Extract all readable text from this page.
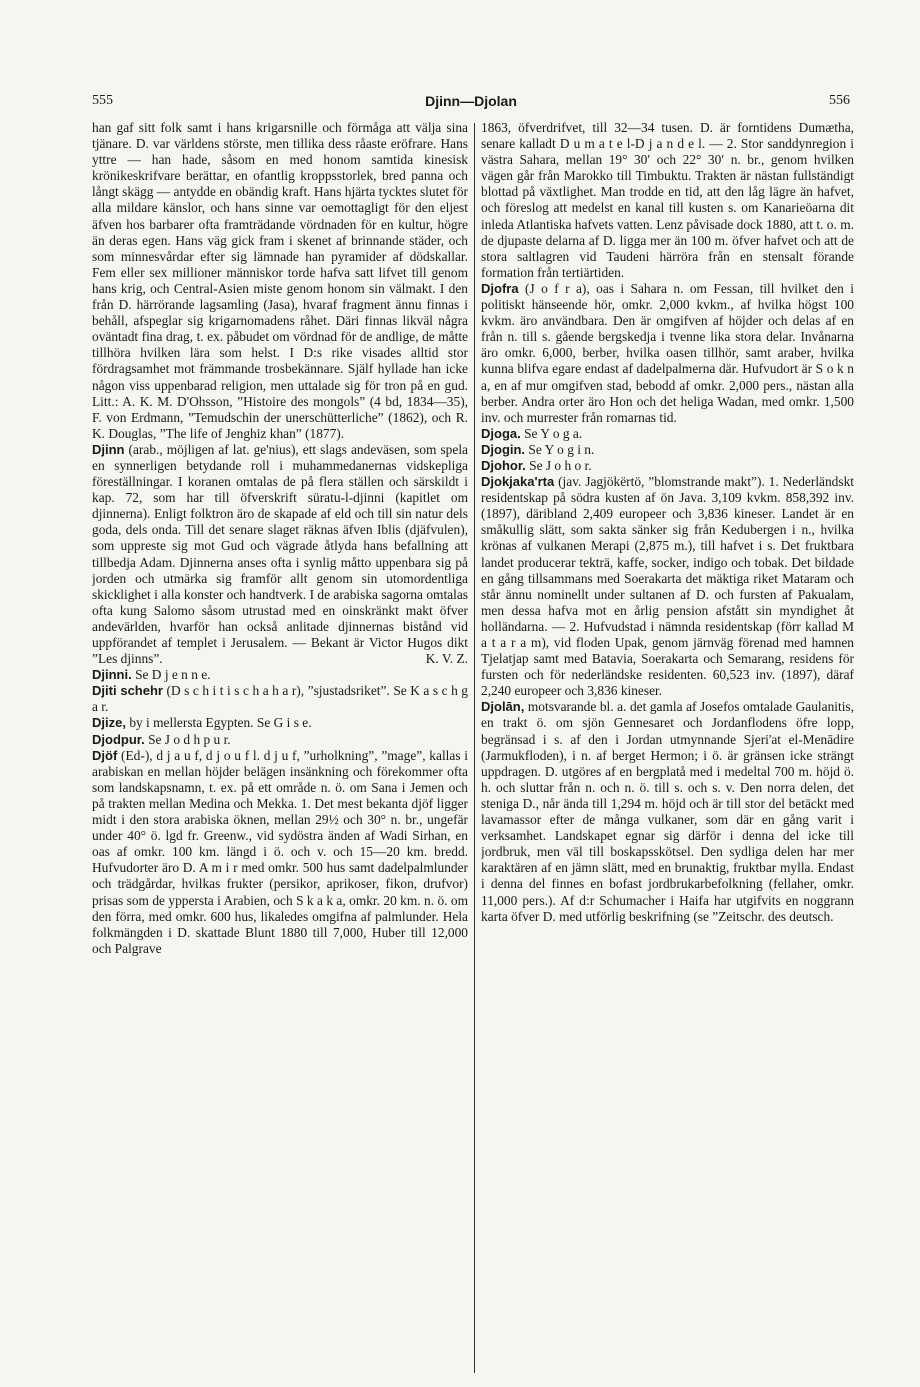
555	Djinn—Djolan	556

han gaf sitt folk samt i hans krigarsnille och förmåga att välja sina tjänare. D. var världens störste, men tillika dess råaste eröfrare. Hans yttre — han hade, såsom en med honom samtida kinesisk krönikeskrifvare berättar, en ofantlig kroppsstorlek, bred panna och långt skägg — antydde en obändig kraft. Hans hjärta tycktes slutet för alla mildare känslor, och hans sinne var oemottagligt för den eljest äfven hos barbarer ofta framträdande vördnaden för en kultur, högre än deras egen. Hans väg gick fram i skenet af brinnande städer, och som minnesvårdar efter sig lämnade han pyramider af dödskallar. Fem eller sex millioner människor torde hafva satt lifvet till genom hans krig, och Central-Asien miste genom honom sin välmakt. I den från D. härrörande lagsamling (Jasa), hvaraf fragment ännu finnas i behåll, afspeglar sig krigarnomadens råhet. Däri finnas likväl några oväntadt fina drag, t. ex. påbudet om vördnad för de andlige, de måtte tillhöra hvilken lära som helst. I D:s rike visades alltid stor fördragsamhet mot främmande trosbekännare. Själf hyllade han icke någon viss uppenbarad religion, men uttalade sig för tron på en gud. Litt.: A. K. M. D'Ohsson, ”Histoire des mongols” (4 bd, 1834—35), F. von Erdmann, ”Temudschin der unerschütterliche” (1862), och R. K. Douglas, ”The life of Jenghiz khan” (1877).

Djinn (arab., möjligen af lat. ge'nius), ett slags andeväsen, som spela en synnerligen betydande roll i muhammedanernas vidskepliga föreställningar. I koranen omtalas de på flera ställen och särskildt i kap. 72, som har till öfverskrift süratu-l-djinni (kapitlet om djinnerna). Enligt folktron äro de skapade af eld och till sin natur dels goda, dels onda. Till det senare slaget räknas äfven Iblis (djäfvulen), som uppreste sig mot Gud och vägrade åtlyda hans befallning att tillbedja Adam. Djinnerna anses ofta i synlig måtto uppenbara sig på jorden och utmärka sig framför allt genom sin utomordentliga skicklighet i alla konster och handtverk. I de arabiska sagorna omtalas ofta kung Salomo såsom utrustad med en oinskränkt makt öfver andevärlden, hvarför han också anlitade djinnernas bistånd vid uppförandet af templet i Jerusalem. — Bekant är Victor Hugos dikt ”Les djinns”.	K. V. Z.

Djinni. Se D j e n n e.

Djiti schehr (D s c h i t i s c h a h a r), ”sjustadsriket”. Se K a s c h g a r.

Djize, by i mellersta Egypten. Se G i s e.

Djodpur. Se J o d h p u r.

Djöf (Ed-), d j a u f, d j o u f l. d j u f, ”urholkning”, ”mage”, kallas i arabiskan en mellan höjder belägen insänkning och förekommer ofta som landskapsnamn, t. ex. på ett område n. ö. om Sana i Jemen och på trakten mellan Medina och Mekka. 1. Det mest bekanta djöf ligger midt i den stora arabiska öknen, mellan 29½ och 30° n. br., ungefär under 40° ö. lgd fr. Greenw., vid sydöstra änden af Wadi Sirhan, en oas af omkr. 100 km. längd i ö. och v. och 15—20 km. bredd. Hufvudorter äro D. A m i r med omkr. 500 hus samt dadelpalmlunder och trädgårdar, hvilkas frukter (persikor, aprikoser, fikon, drufvor) prisas som de yppersta i Arabien, och S k a k a, omkr. 20 km. n. ö. om den förra, med omkr. 600 hus, likaledes omgifna af palmlunder. Hela folkmängden i D. skattade Blunt 1880 till 7,000, Huber till 12,000 och Palgrave

1863, öfverdrifvet, till 32—34 tusen. D. är forntidens Dumætha, senare kalladt D u m a t e l-D j a n d e l. — 2. Stor sanddynregion i västra Sahara, mellan 19° 30′ och 22° 30′ n. br., genom hvilken vägen går från Marokko till Timbuktu. Trakten är nästan fullständigt blottad på växtlighet. Man trodde en tid, att den låg lägre än hafvet, och föreslog att medelst en kanal till kusten s. om Kanarieöarna dit inleda Atlantiska hafvets vatten. Lenz påvisade dock 1880, att t. o. m. de djupaste delarna af D. ligga mer än 100 m. öfver hafvet och att de stora saltlagren vid Taudeni härröra från en stensalt förande formation från tertiärtiden.

Djofra (J o f r a), oas i Sahara n. om Fessan, till hvilket den i politiskt hänseende hör, omkr. 2,000 kvkm., af hvilka högst 100 kvkm. äro användbara. Den är omgifven af höjder och delas af en från n. till s. gående bergskedja i tvenne lika stora delar. Invånarna äro omkr. 6,000, berber, hvilka oasen tillhör, samt araber, hvilka kunna blifva egare endast af dadelpalmerna där. Hufvudort är S o k n a, en af mur omgifven stad, bebodd af omkr. 2,000 pers., nästan alla berber. Andra orter äro Hon och det heliga Wadan, med omkr. 1,500 inv. och murrester från romarnas tid.

Djoga. Se Y o g a.

Djogin. Se Y o g i n.

Djohor. Se J o h o r.

Djokjaka'rta (jav. Jagjökërtö, ”blomstrande makt”). 1. Nederländskt residentskap på södra kusten af ön Java. 3,109 kvkm. 858,392 inv. (1897), däribland 2,409 europeer och 3,836 kineser. Landet är en småkullig slätt, som sakta sänker sig från Kedubergen i n., hvilka krönas af vulkanen Merapi (2,875 m.), till hafvet i s. Det fruktbara landet producerar tekträ, kaffe, socker, indigo och tobak. Det bildade en gång tillsammans med Soerakarta det mäktiga riket Mataram och står ännu nominellt under sultanen af D. och fursten af Pakualam, men dessa hafva mot en årlig pension afstått sin myndighet åt holländarna. — 2. Hufvudstad i nämnda residentskap (förr kallad M a t a r a m), vid floden Upak, genom järnväg förenad med hamnen Tjelatjap samt med Batavia, Soerakarta och Semarang, residens för fursten och för nederländske residenten. 60,523 inv. (1897), däraf 2,240 europeer och 3,836 kineser.

Djolān, motsvarande bl. a. det gamla af Josefos omtalade Gaulanitis, en trakt ö. om sjön Gennesaret och Jordanflodens öfre lopp, begränsad i s. af den i Jordan utmynnande Sjeri'at el-Menādire (Jarmukfloden), i n. af berget Hermon; i ö. är gränsen icke strängt uppdragen. D. utgöres af en bergplatå med i medeltal 700 m. höjd ö. h. och sluttar från n. och n. ö. till s. och s. v. Den norra delen, det steniga D., når ända till 1,294 m. höjd och är till stor del betäckt med lavamassor efter de många vulkaner, som där en gång varit i verksamhet. Landskapet egnar sig därför i denna del icke till jordbruk, men väl till boskapsskötsel. Den sydliga delen har mer karaktären af en jämn slätt, med en brunaktig, fruktbar mylla. Endast i denna del finnes en bofast jordbrukarbefolkning (fellaher, omkr. 11,000 pers.). Af d:r Schumacher i Haifa har utgifvits en noggrann karta öfver D. med utförlig beskrifning (se ”Zeitschr. des deutsch.
